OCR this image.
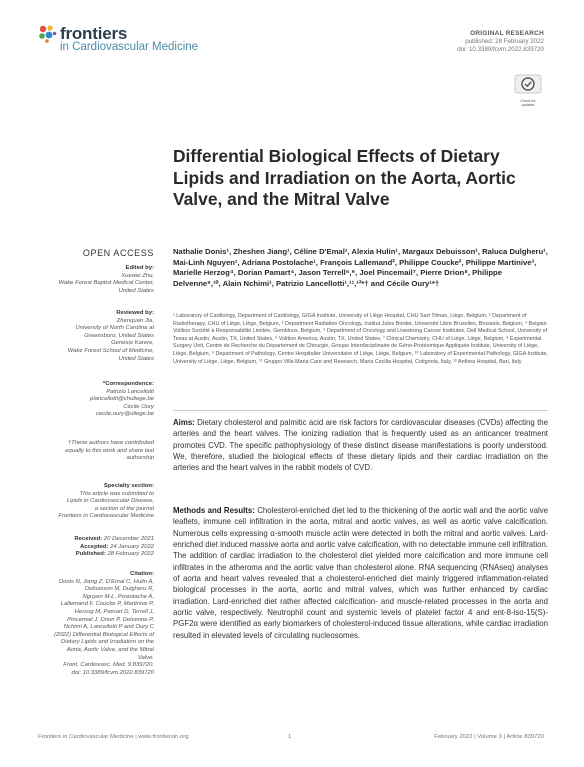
frontiers
in Cardiovascular Medicine
ORIGINAL RESEARCH
published: 28 February 2022
doi: 10.3389/fcvm.2022.839720
Check for updates
Differential Biological Effects of Dietary Lipids and Irradiation on the Aorta, Aortic Valve, and the Mitral Valve
OPEN ACCESS
Edited by:
Xuewei Zhu,
Wake Forest Baptist Medical Center,
United States
Reviewed by:
Zhenquan Jia,
University of North Carolina at
Greensboro, United States
Genesio Karere,
Wake Forest School of Medicine,
United States
*Correspondence:
Patrizio Lancellotti
plancellotti@chuliege.be
Cécile Oury
cecile.oury@uliege.be
†These authors have contributed
equally to this work and share last
authorship
Specialty section:
This article was submitted to
Lipids in Cardiovascular Disease,
a section of the journal
Frontiers in Cardiovascular Medicine
Received: 20 December 2021
Accepted: 24 January 2022
Published: 28 February 2022
Citation:
Donis N, Jiang Z, D'Emal C, Hulin A,
Debuisson M, Dulgheru R,
Nguyen M-L, Postolache A,
Lallemand F, Coucke P, Martinive P,
Herzog M, Pamart D, Terrell J,
Pincemail J, Drion P, Delvenne P,
Nchimi A, Lancellotti P and Oury C
(2022) Differential Biological Effects of
Dietary Lipids and Irradiation on the
Aorta, Aortic Valve, and the Mitral
Valve.
Front. Cardiovasc. Med. 9:839720.
doi: 10.3389/fcvm.2022.839720
Nathalie Donis¹, Zheshen Jiang¹, Céline D'Emal¹, Alexia Hulin¹, Margaux Debuisson¹, Raluca Dulgheru¹, Mai-Linh Nguyen¹, Adriana Postolache¹, François Lallemand², Philippe Coucke², Philippe Martinive³, Marielle Herzog⁴, Dorian Pamart⁴, Jason Terrell⁵,⁶, Joel Pincemail⁷, Pierre Drion⁸, Philippe Delvenne⁹,¹⁰, Alain Nchimi¹, Patrizio Lancellotti¹,¹¹,¹²*† and Cécile Oury¹*†
¹ Laboratory of Cardiology, Department of Cardiology, GIGA Institute, University of Liège Hospital, CHU Sart Tilman, Liège, Belgium, ² Department of Radiotherapy, CHU of Liège, Liège, Belgium, ³ Department Radiation Oncology, Institut Jules Bordet, Université Libre Bruxelles, Brussels, Belgium, ⁴ Belgian Volition Société à Responsabilité Limitée, Gembloux, Belgium, ⁵ Department of Oncology and Livestrong Cancer Institutes, Dell Medical School, University of Texas at Austin, Austin, TX, United States, ⁶ Volition America, Austin, TX, United States, ⁷ Clinical Chemistry, CHU of Liège, Liège, Belgium, ⁸ Experimental Surgery Unit, Centre de Recherche du Département de Chirurgie, Groupe Interdisciplinaire de Géno-Protéomique Appliquée Institute, University of Liège, Liège, Belgium, ⁹ Department of Pathology, Centre Hospitalier Universitaire of Liège, Liège, Belgium, ¹⁰ Laboratory of Experimental Pathology, GIGA Institute, University of Liège, Liège, Belgium, ¹¹ Gruppo Villa Maria Care and Research, Maria Cecilia Hospital, Cotignola, Italy, ¹² Anthea Hospital, Bari, Italy
Aims: Dietary cholesterol and palmitic acid are risk factors for cardiovascular diseases (CVDs) affecting the arteries and the heart valves. The ionizing radiation that is frequently used as an anticancer treatment promotes CVD. The specific pathophysiology of these distinct disease manifestations is poorly understood. We, therefore, studied the biological effects of these dietary lipids and their cardiac irradiation on the arteries and the heart valves in the rabbit models of CVD.
Methods and Results: Cholesterol-enriched diet led to the thickening of the aortic wall and the aortic valve leaflets, immune cell infiltration in the aorta, mitral and aortic valves, as well as aortic valve calcification. Numerous cells expressing α-smooth muscle actin were detected in both the mitral and aortic valves. Lard-enriched diet induced massive aorta and aortic valve calcification, with no detectable immune cell infiltration. The addition of cardiac irradiation to the cholesterol diet yielded more calcification and more immune cell infiltrates in the atheroma and the aortic valve than cholesterol alone. RNA sequencing (RNAseq) analyses of aorta and heart valves revealed that a cholesterol-enriched diet mainly triggered inflammation-related biological processes in the aorta, aortic and mitral valves, which was further enhanced by cardiac irradiation. Lard-enriched diet rather affected calcification- and muscle-related processes in the aorta and aortic valve, respectively. Neutrophil count and systemic levels of platelet factor 4 and ent-8-iso-15(S)-PGF2α were identified as early biomarkers of cholesterol-induced tissue alterations, while cardiac irradiation resulted in elevated levels of circulating nucleosomes.
Frontiers in Cardiovascular Medicine | www.frontiersin.org	1	February 2022 | Volume 9 | Article 839720
